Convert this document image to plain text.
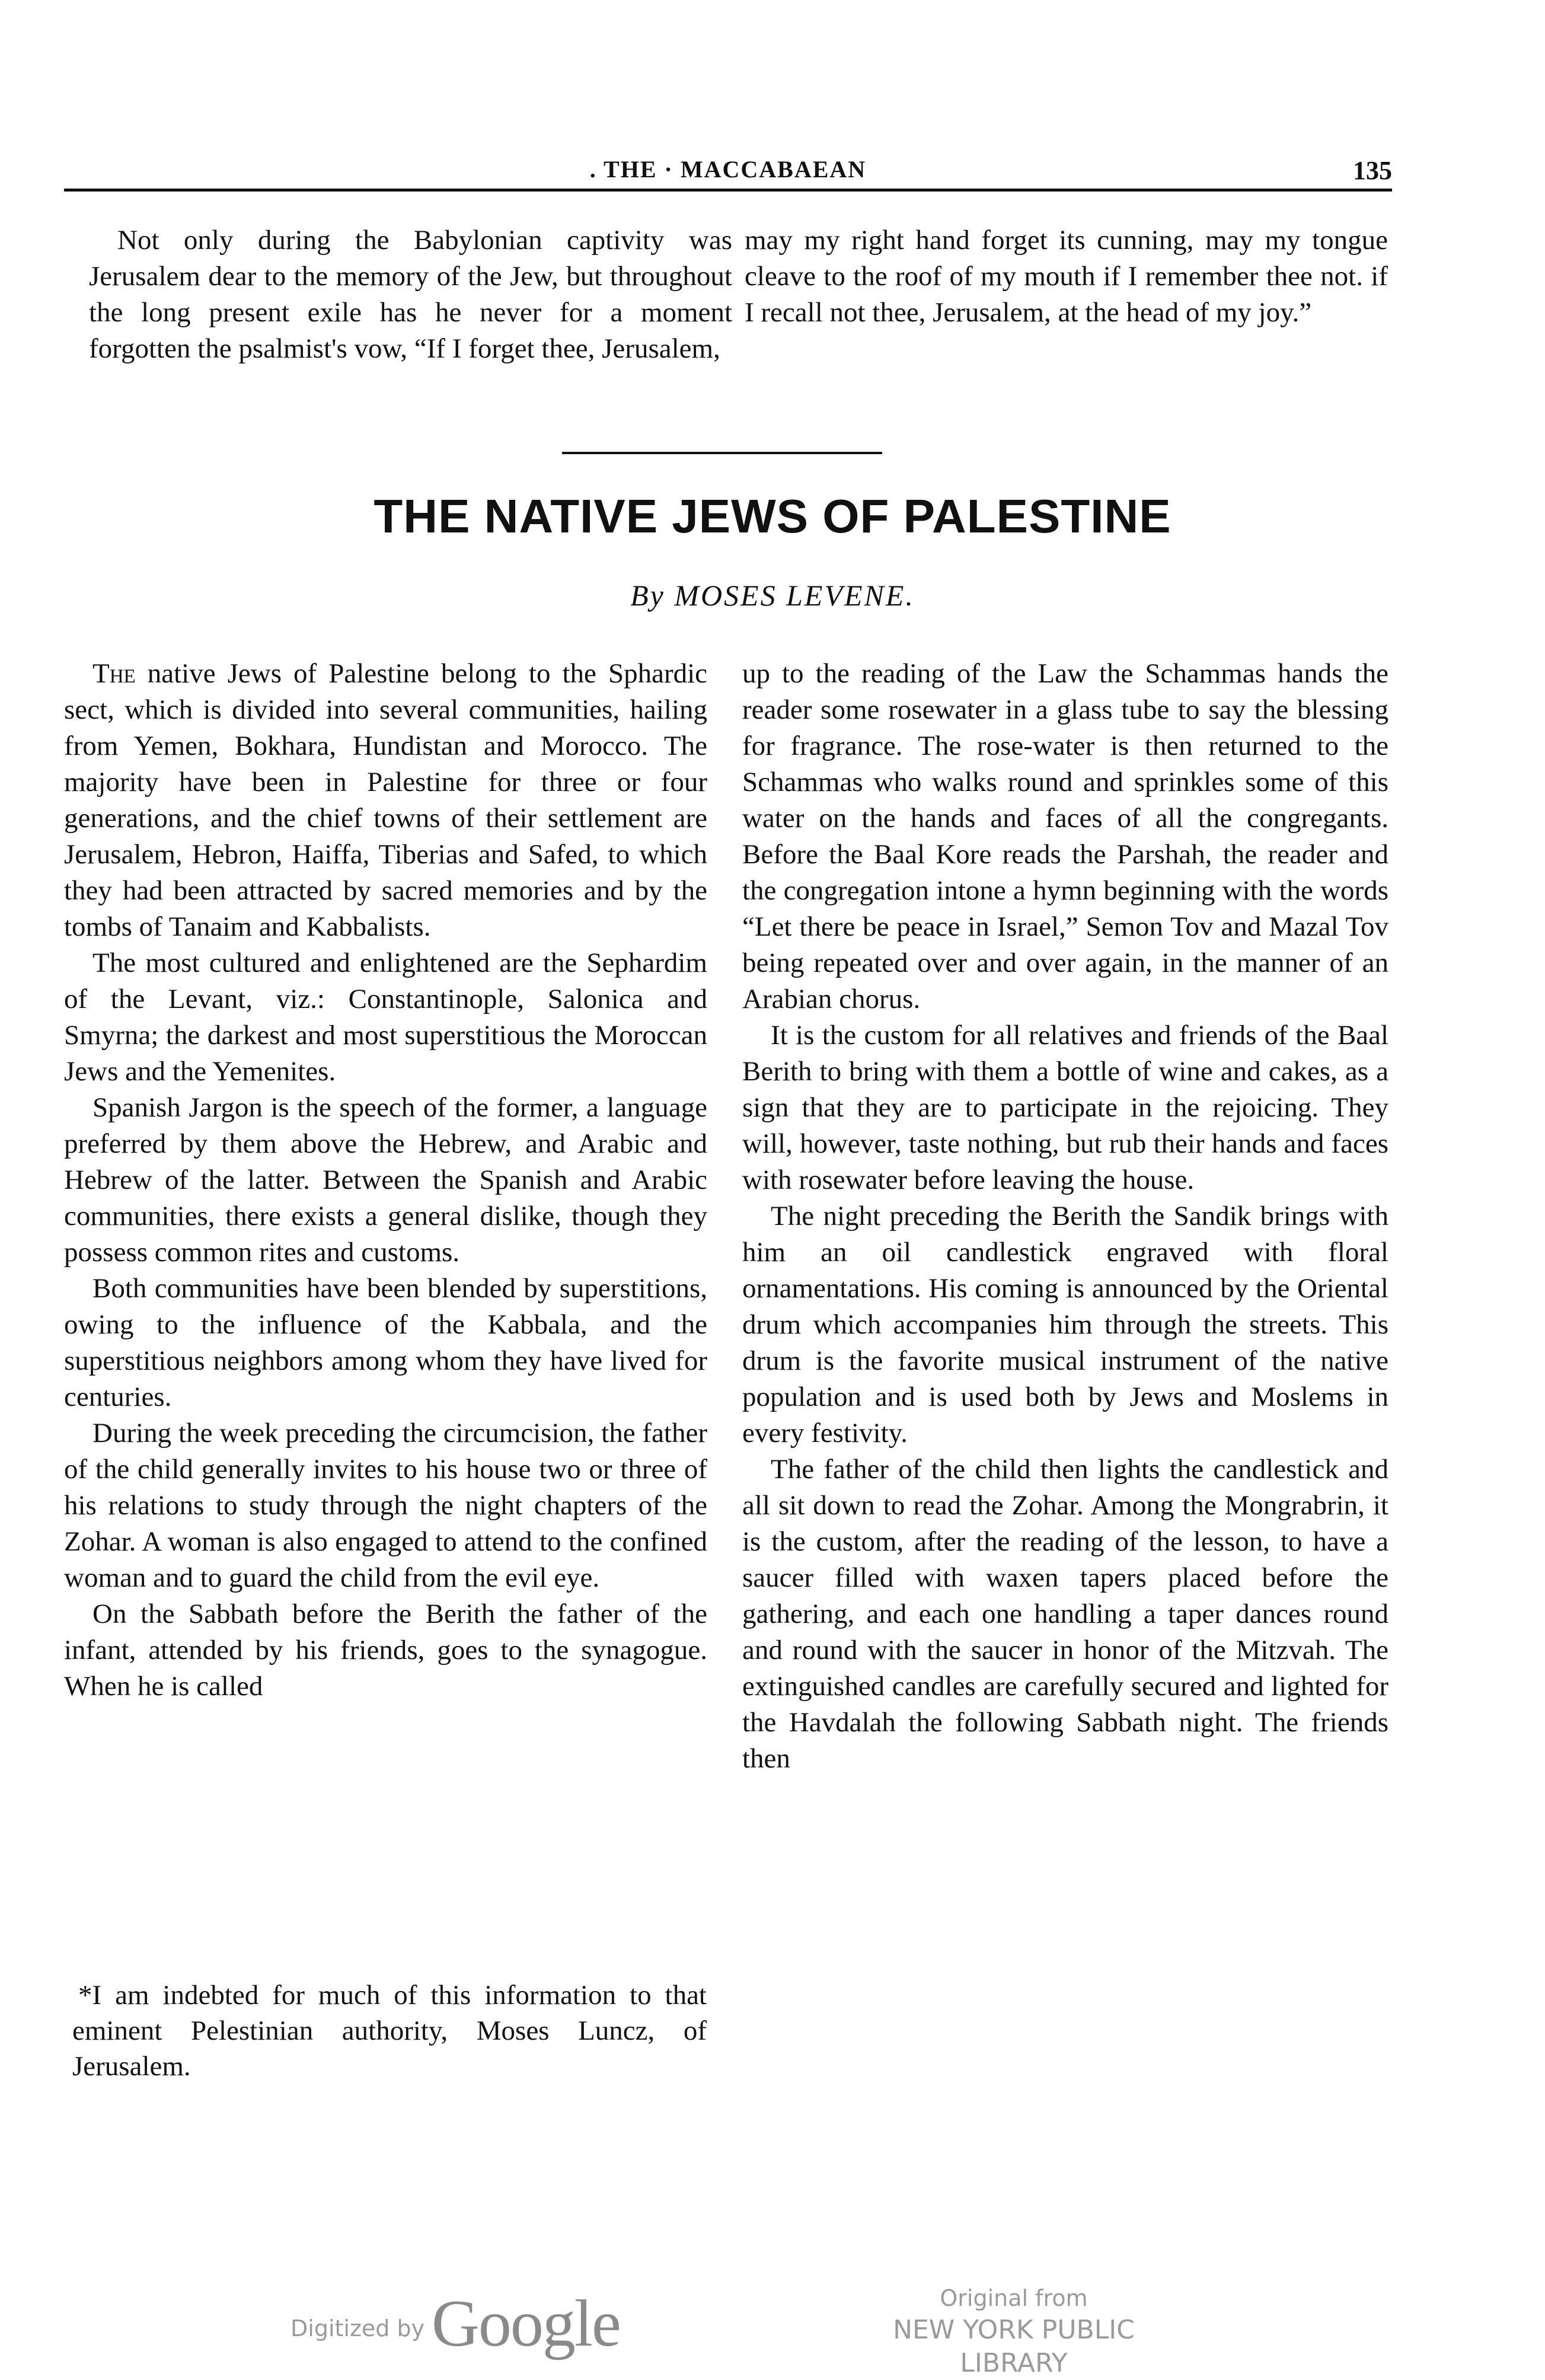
. THE · MACCABAEAN	135

Not only during the Babylonian captivity was Jerusalem dear to the memory of the Jew, but throughout the long present exile has he never for a moment forgotten the psalmist's vow, “If I forget thee, Jerusalem,

may my right hand forget its cunning, may my tongue cleave to the roof of my mouth if I remember thee not. if I recall not thee, Jerusalem, at the head of my joy.”

THE NATIVE JEWS OF PALESTINE
By MOSES LEVENE.

The native Jews of Palestine belong to the Sphardic sect, which is divided into several communities, hailing from Yemen, Bokhara, Hundistan and Morocco. The majority have been in Palestine for three or four generations, and the chief towns of their settlement are Jerusalem, Hebron, Haiffa, Tiberias and Safed, to which they had been attracted by sacred memories and by the tombs of Tanaim and Kabbalists.

The most cultured and enlightened are the Sephardim of the Levant, viz.: Constantinople, Salonica and Smyrna; the darkest and most superstitious the Moroccan Jews and the Yemenites.

Spanish Jargon is the speech of the former, a language preferred by them above the Hebrew, and Arabic and Hebrew of the latter. Between the Spanish and Arabic communities, there exists a general dislike, though they possess common rites and customs.

Both communities have been blended by superstitions, owing to the influence of the Kabbala, and the superstitious neighbors among whom they have lived for centuries.

During the week preceding the circumcision, the father of the child generally invites to his house two or three of his relations to study through the night chapters of the Zohar. A woman is also engaged to attend to the confined woman and to guard the child from the evil eye.

On the Sabbath before the Berith the father of the infant, attended by his friends, goes to the synagogue. When he is called

up to the reading of the Law the Schammas hands the reader some rosewater in a glass tube to say the blessing for fragrance. The rose-water is then returned to the Schammas who walks round and sprinkles some of this water on the hands and faces of all the congregants. Before the Baal Kore reads the Parshah, the reader and the congregation intone a hymn beginning with the words “Let there be peace in Israel,” Semon Tov and Mazal Tov being repeated over and over again, in the manner of an Arabian chorus.

It is the custom for all relatives and friends of the Baal Berith to bring with them a bottle of wine and cakes, as a sign that they are to participate in the rejoicing. They will, however, taste nothing, but rub their hands and faces with rosewater before leaving the house.

The night preceding the Berith the Sandik brings with him an oil candlestick engraved with floral ornamentations. His coming is announced by the Oriental drum which accompanies him through the streets. This drum is the favorite musical instrument of the native population and is used both by Jews and Moslems in every festivity.

The father of the child then lights the candlestick and all sit down to read the Zohar. Among the Mongrabrin, it is the custom, after the reading of the lesson, to have a saucer filled with waxen tapers placed before the gathering, and each one handling a taper dances round and round with the saucer in honor of the Mitzvah. The extinguished candles are carefully secured and lighted for the Havdalah the following Sabbath night. The friends then

*I am indebted for much of this information to that eminent Pelestinian authority, Moses Luncz, of Jerusalem.

Digitized by Google	Original from
NEW YORK PUBLIC LIBRARY
